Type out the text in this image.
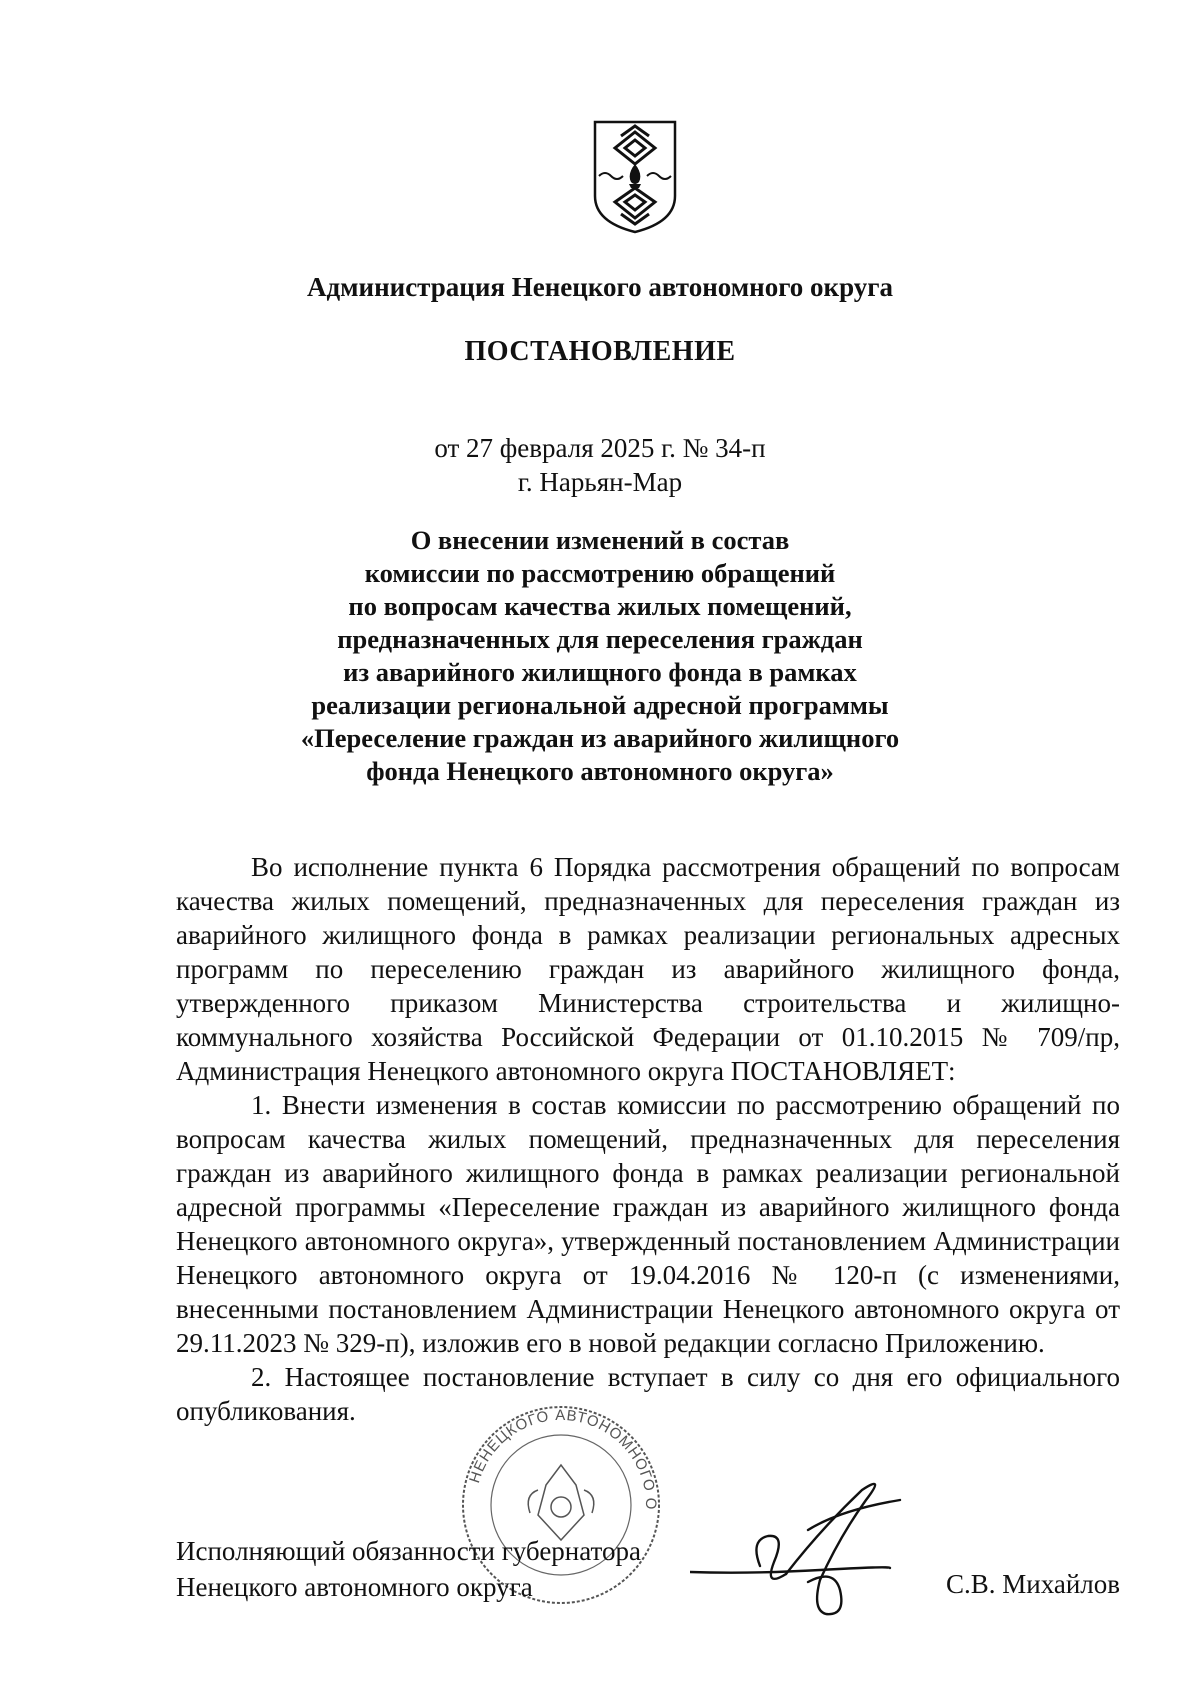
Администрация Ненецкого автономного округа
ПОСТАНОВЛЕНИЕ
от 27 февраля 2025 г. № 34-п
г. Нарьян-Мар
О внесении изменений в состав
комиссии по рассмотрению обращений
по вопросам качества жилых помещений,
предназначенных для переселения граждан
из аварийного жилищного фонда в рамках
реализации региональной адресной программы
«Переселение граждан из аварийного жилищного
фонда Ненецкого автономного округа»

Во исполнение пункта 6 Порядка рассмотрения обращений по вопросам качества жилых помещений, предназначенных для переселения граждан из аварийного жилищного фонда в рамках реализации региональных адресных программ по переселению граждан из аварийного жилищного фонда, утвержденного приказом Министерства строительства и жилищно-коммунального хозяйства Российской Федерации от 01.10.2015 № 709/пр, Администрация Ненецкого автономного округа ПОСТАНОВЛЯЕТ:

1. Внести изменения в состав комиссии по рассмотрению обращений по вопросам качества жилых помещений, предназначенных для переселения граждан из аварийного жилищного фонда в рамках реализации региональной адресной программы «Переселение граждан из аварийного жилищного фонда Ненецкого автономного округа», утвержденный постановлением Администрации Ненецкого автономного округа от 19.04.2016 № 120-п (с изменениями, внесенными постановлением Администрации Ненецкого автономного округа от 29.11.2023 № 329-п), изложив его в новой редакции согласно Приложению.

2. Настоящее постановление вступает в силу со дня его официального опубликования.

НЕНЕЦКОГО АВТОНОМНОГО О
Исполняющий обязанности губернатора
Ненецкого автономного округа	С.В. Михайлов
